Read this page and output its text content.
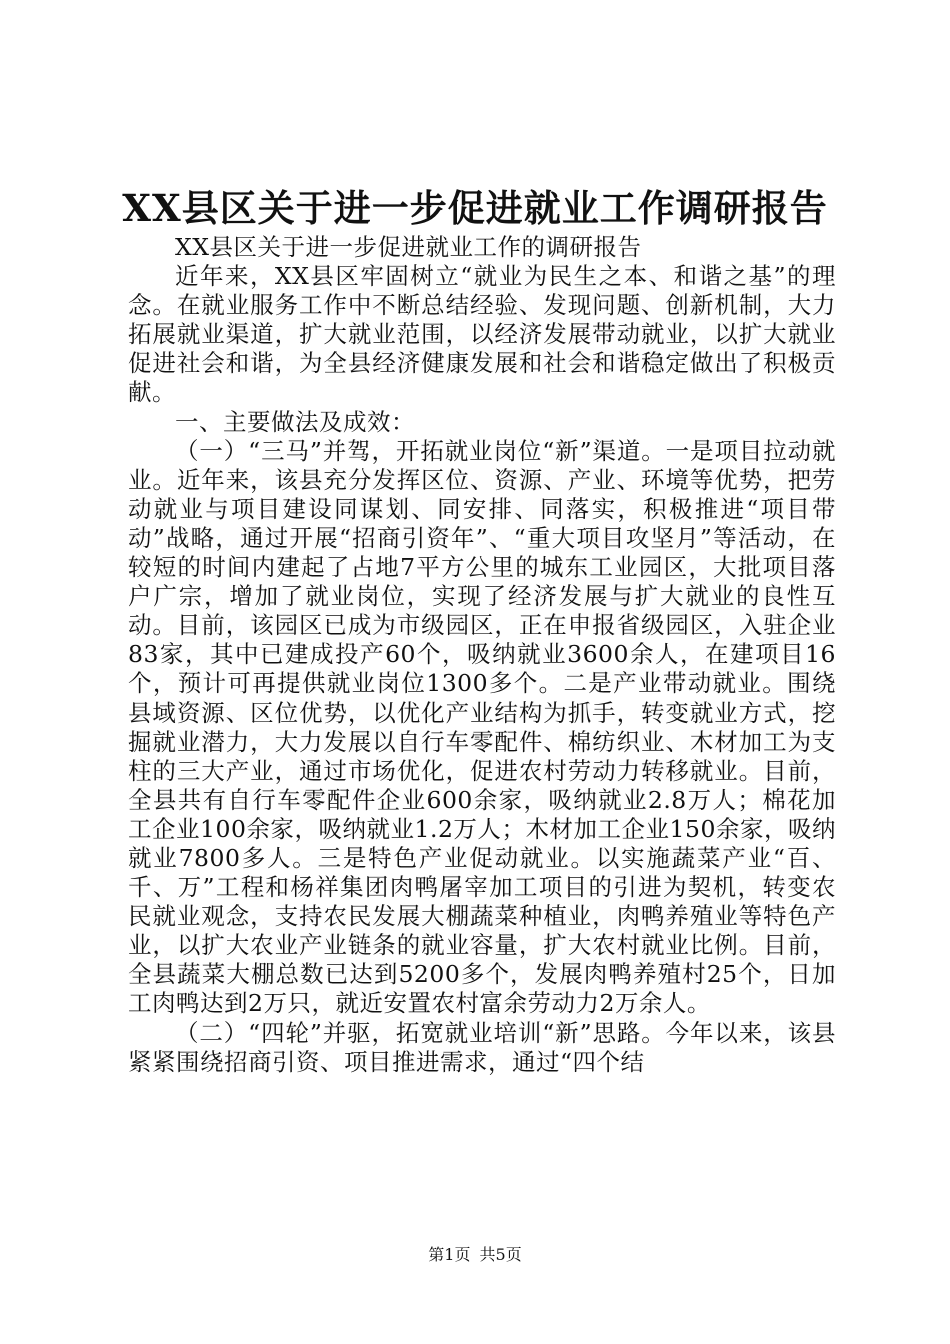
XX县区关于进一步促进就业工作调研报告

XX县区关于进一步促进就业工作的调研报告

近年来，XX县区牢固树立“就业为民生之本、和谐之基”的理念。在就业服务工作中不断总结经验、发现问题、创新机制，大力拓展就业渠道，扩大就业范围，以经济发展带动就业，以扩大就业促进社会和谐，为全县经济健康发展和社会和谐稳定做出了积极贡献。

一、主要做法及成效：

（一）“三马”并驾，开拓就业岗位“新”渠道。一是项目拉动就业。近年来，该县充分发挥区位、资源、产业、环境等优势，把劳动就业与项目建设同谋划、同安排、同落实，积极推进“项目带动”战略，通过开展“招商引资年”、“重大项目攻坚月”等活动，在较短的时间内建起了占地7平方公里的城东工业园区，大批项目落户广宗，增加了就业岗位，实现了经济发展与扩大就业的良性互动。目前，该园区已成为市级园区，正在申报省级园区，入驻企业83家，其中已建成投产60个，吸纳就业3600余人，在建项目16个，预计可再提供就业岗位1300多个。二是产业带动就业。围绕县域资源、区位优势，以优化产业结构为抓手，转变就业方式，挖掘就业潜力，大力发展以自行车零配件、棉纺织业、木材加工为支柱的三大产业，通过市场优化，促进农村劳动力转移就业。目前，全县共有自行车零配件企业600余家，吸纳就业2.8万人；棉花加工企业100余家，吸纳就业1.2万人；木材加工企业150余家，吸纳就业7800多人。三是特色产业促动就业。以实施蔬菜产业“百、千、万”工程和杨祥集团肉鸭屠宰加工项目的引进为契机，转变农民就业观念，支持农民发展大棚蔬菜种植业，肉鸭养殖业等特色产业，以扩大农业产业链条的就业容量，扩大农村就业比例。目前，全县蔬菜大棚总数已达到5200多个，发展肉鸭养殖村25个，日加工肉鸭达到2万只，就近安置农村富余劳动力2万余人。

（二）“四轮”并驱，拓宽就业培训“新”思路。今年以来，该县紧紧围绕招商引资、项目推进需求，通过“四个结

第1页 共5页
